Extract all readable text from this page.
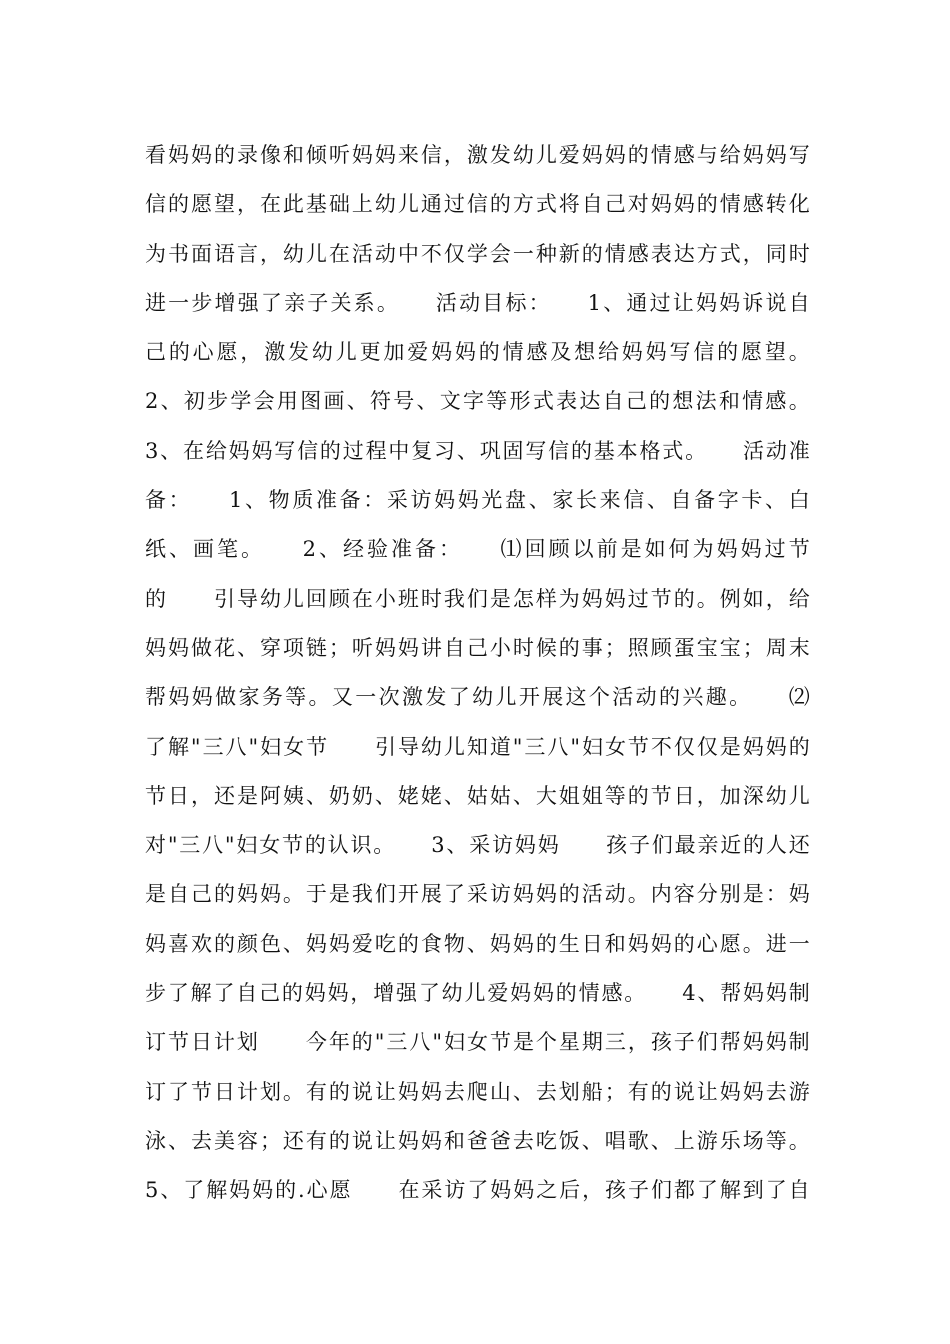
看妈妈的录像和倾听妈妈来信，激发幼儿爱妈妈的情感与给妈妈写
信的愿望，在此基础上幼儿通过信的方式将自己对妈妈的情感转化
为书面语言，幼儿在活动中不仅学会一种新的情感表达方式，同时
进一步增强了亲子关系。　　活动目标：　　1、通过让妈妈诉说自
己的心愿，激发幼儿更加爱妈妈的情感及想给妈妈写信的愿望。
2、初步学会用图画、符号、文字等形式表达自己的想法和情感。
3、在给妈妈写信的过程中复习、巩固写信的基本格式。　　活动准
备：　　1、物质准备：采访妈妈光盘、家长来信、自备字卡、白
纸、画笔。　　2、经验准备：　　⑴回顾以前是如何为妈妈过节
的　　引导幼儿回顾在小班时我们是怎样为妈妈过节的。例如，给
妈妈做花、穿项链；听妈妈讲自己小时候的事；照顾蛋宝宝；周末
帮妈妈做家务等。又一次激发了幼儿开展这个活动的兴趣。　　⑵
了解"三八"妇女节　　引导幼儿知道"三八"妇女节不仅仅是妈妈的
节日，还是阿姨、奶奶、姥姥、姑姑、大姐姐等的节日，加深幼儿
对"三八"妇女节的认识。　　3、采访妈妈　　孩子们最亲近的人还
是自己的妈妈。于是我们开展了采访妈妈的活动。内容分别是：妈
妈喜欢的颜色、妈妈爱吃的食物、妈妈的生日和妈妈的心愿。进一
步了解了自己的妈妈，增强了幼儿爱妈妈的情感。　　4、帮妈妈制
订节日计划　　今年的"三八"妇女节是个星期三，孩子们帮妈妈制
订了节日计划。有的说让妈妈去爬山、去划船；有的说让妈妈去游
泳、去美容；还有的说让妈妈和爸爸去吃饭、唱歌、上游乐场等。
5、了解妈妈的.心愿　　在采访了妈妈之后，孩子们都了解到了自
